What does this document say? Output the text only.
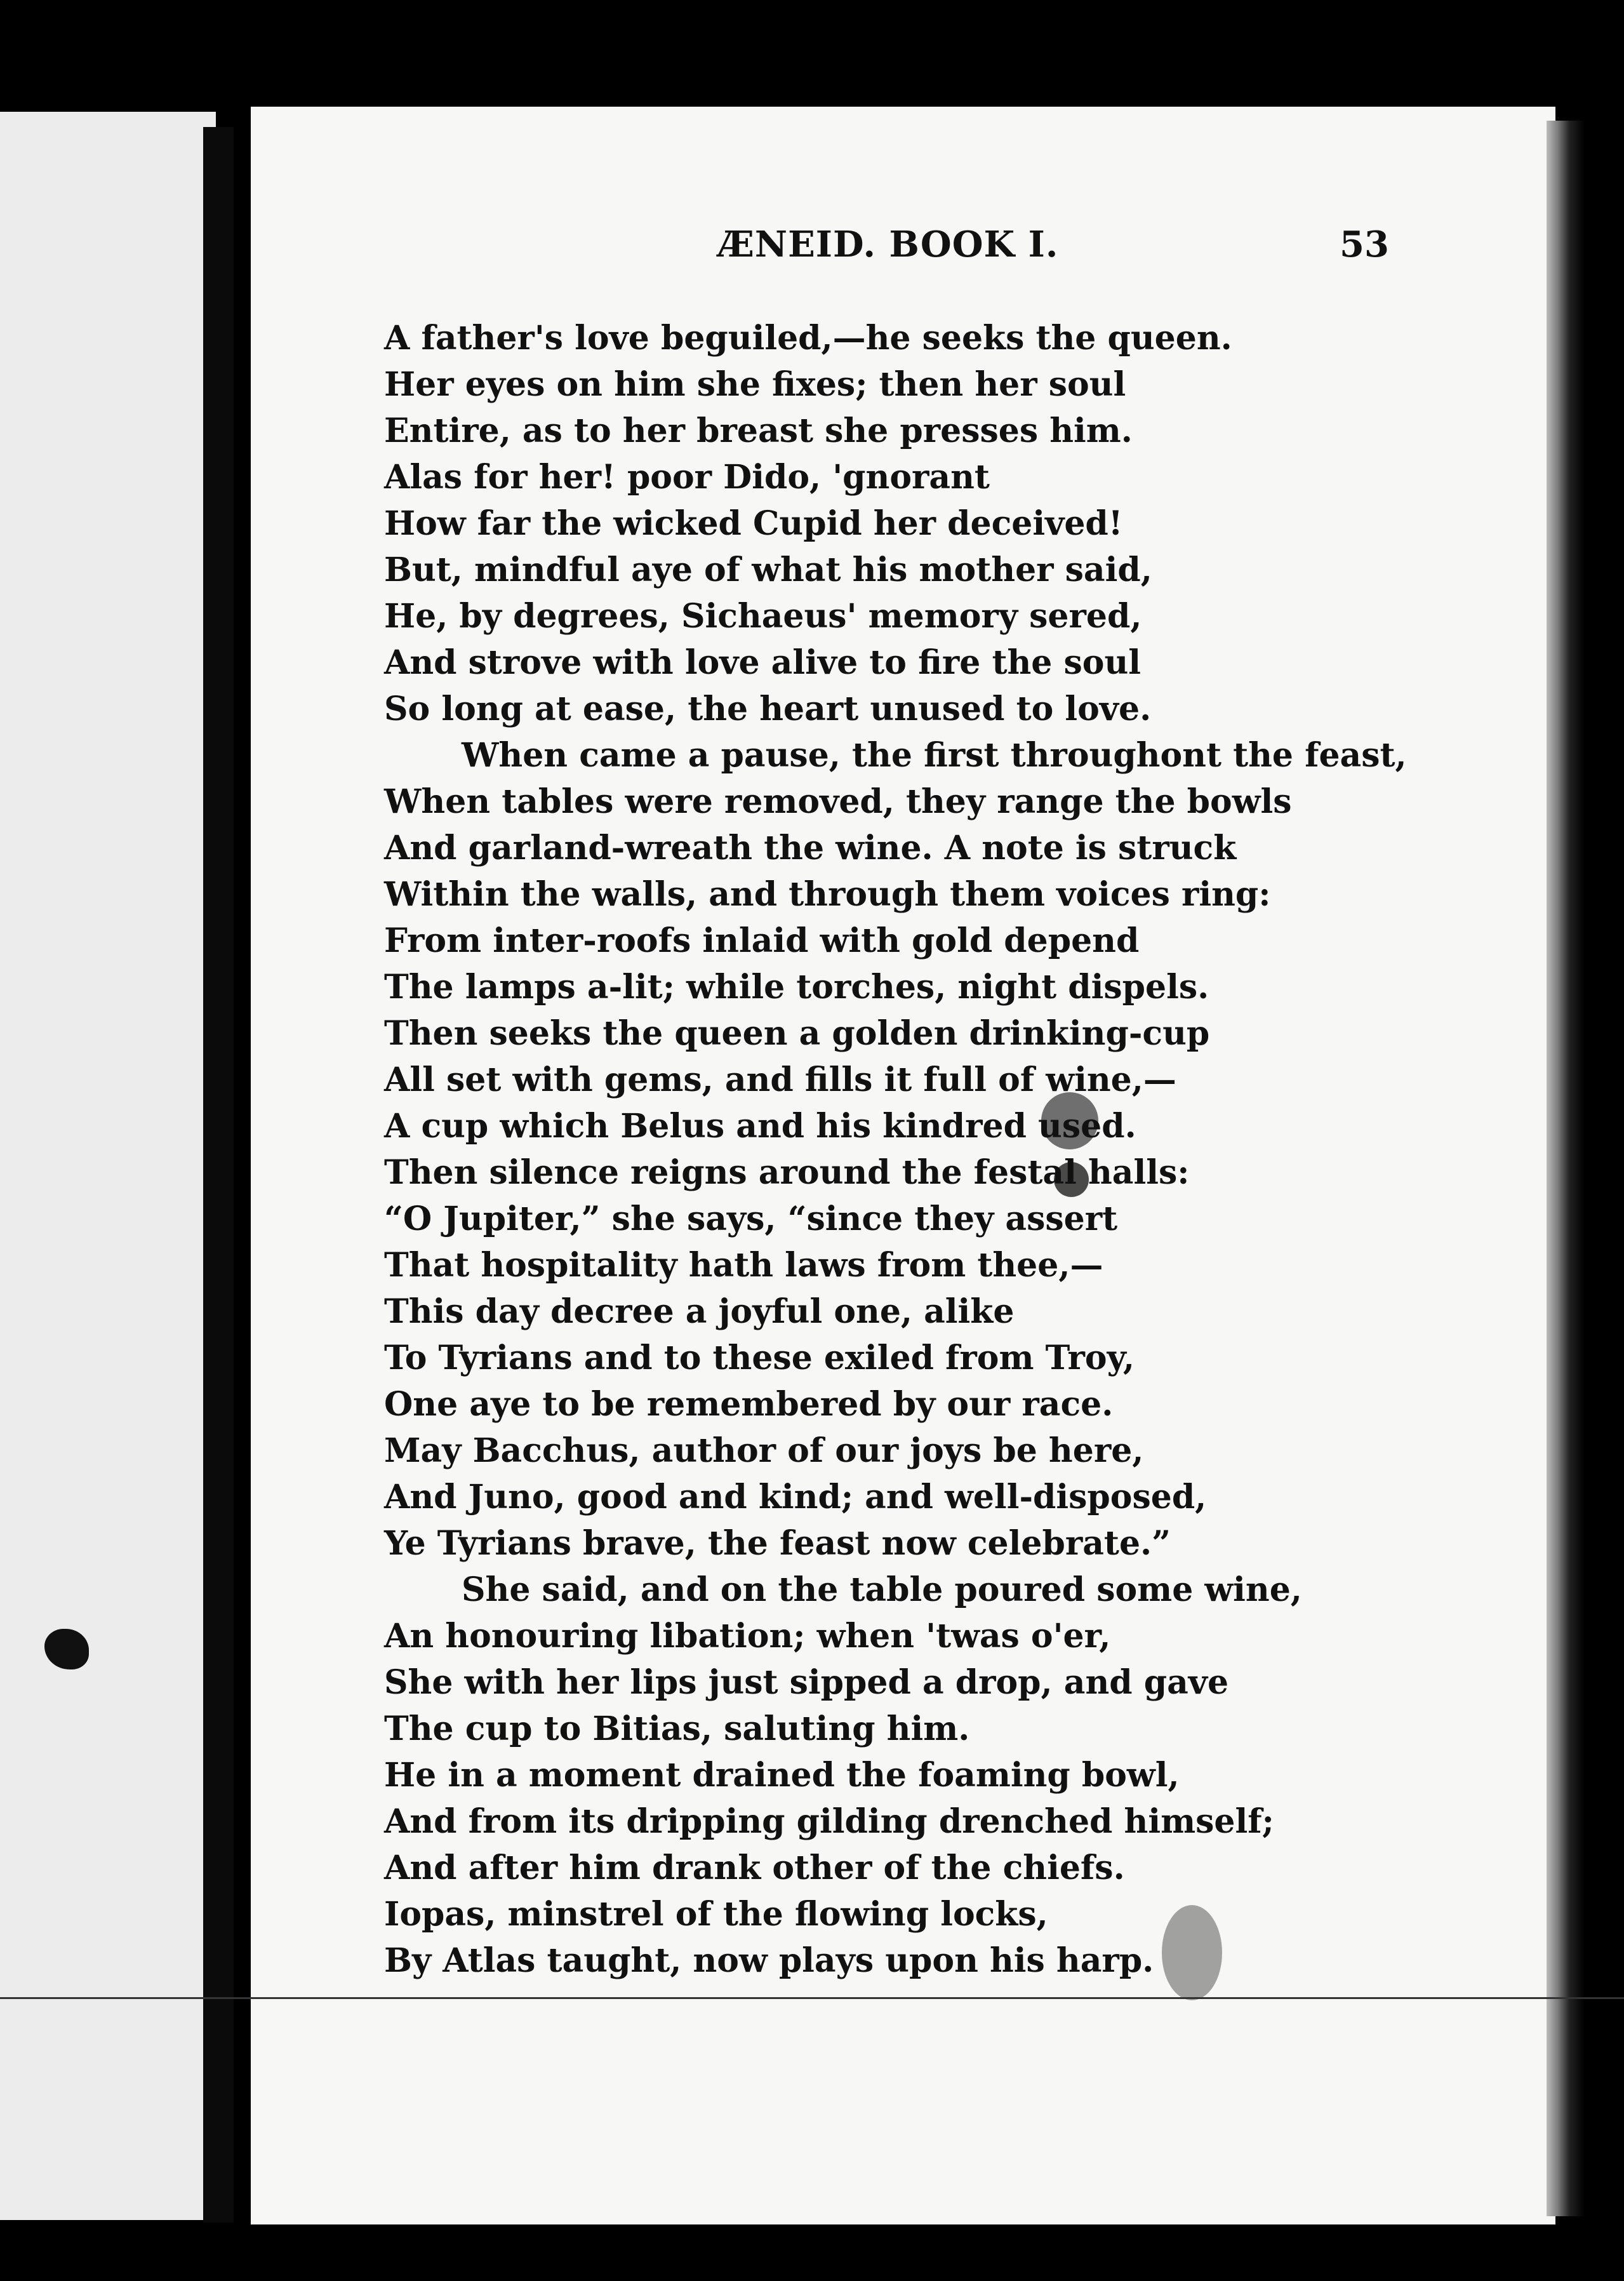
ÆNEID. BOOK I.	53
A father's love beguiled,—he seeks the queen.
Her eyes on him she fixes; then her soul
Entire, as to her breast she presses him.
Alas for her! poor Dido, 'gnorant
How far the wicked Cupid her deceived!
But, mindful aye of what his mother said,
He, by degrees, Sichaeus' memory sered,
And strove with love alive to fire the soul
So long at ease, the heart unused to love.
When came a pause, the first throughont the feast,
When tables were removed, they range the bowls
And garland-wreath the wine. A note is struck
Within the walls, and through them voices ring:
From inter-roofs inlaid with gold depend
The lamps a-lit; while torches, night dispels.
Then seeks the queen a golden drinking-cup
All set with gems, and fills it full of wine,—
A cup which Belus and his kindred used.
Then silence reigns around the festal halls:
“O Jupiter,” she says, “since they assert
That hospitality hath laws from thee,—
This day decree a joyful one, alike
To Tyrians and to these exiled from Troy,
One aye to be remembered by our race.
May Bacchus, author of our joys be here,
And Juno, good and kind; and well-disposed,
Ye Tyrians brave, the feast now celebrate.”
She said, and on the table poured some wine,
An honouring libation; when 'twas o'er,
She with her lips just sipped a drop, and gave
The cup to Bitias, saluting him.
He in a moment drained the foaming bowl,
And from its dripping gilding drenched himself;
And after him drank other of the chiefs.
Iopas, minstrel of the flowing locks,
By Atlas taught, now plays upon his harp.
